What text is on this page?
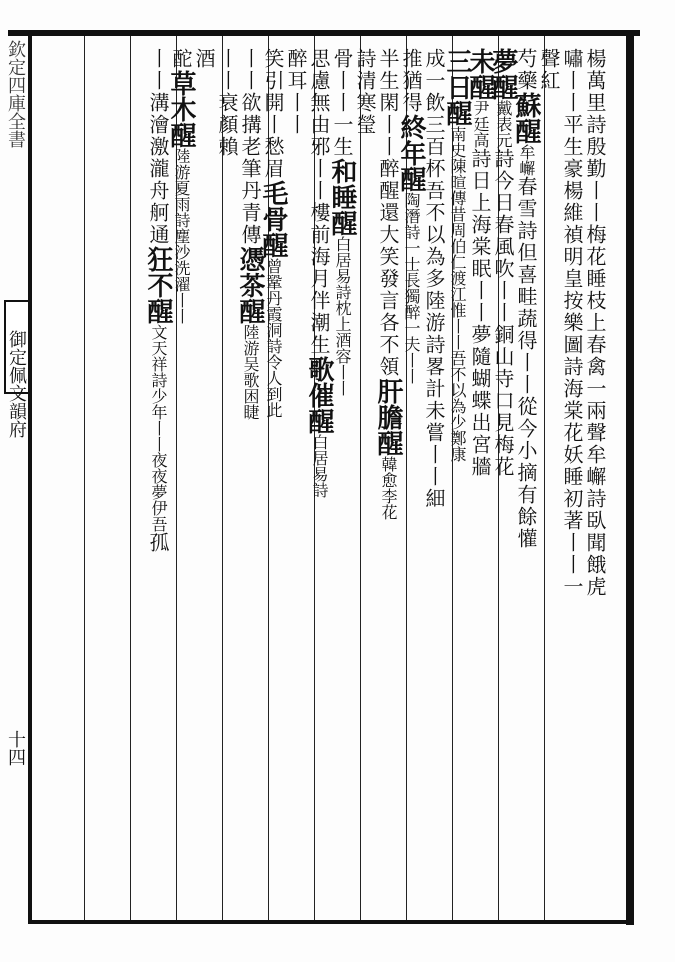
欽定四庫全書
御定佩文韻府
十四
楊萬里詩殷勤丨丨梅花睡枝上春禽一兩聲牟嶰詩臥聞餓虎
嘯丨丨平生豪楊維禎明皇按樂圖詩海棠花妖睡初著丨丨一
聲紅
芍藥蘇醒牟嶰春雪詩但喜畦蔬得丨丨從今小摘有餘懽
夢醒戴表元詩今日春風吹丨丨銅山寺口見梅花
未醒尹廷高詩日上海棠眠丨丨夢隨蝴蝶出宮牆
三日醒南史陳暄傳昔周伯仁渡江惟丨丨吾不以為少鄭康
成一飲三百杯吾不以為多陸游詩畧計未嘗丨丨細
推猶得終年醒陶潛詩一士長獨醉一夫丨丨
半生閑丨丨醉醒還大笑發言各不領肝膽醒韓愈李花
詩清寒瑩
骨丨丨一生和睡醒白居易詩枕上酒容丨丨
思慮無由邪丨丨樓前海月伴潮生歌催醒白居易詩
醉耳丨丨
笑引開丨愁眉毛骨醒曾鞏丹霞洞詩令人到此
丨丨欲搆老筆丹青傳憑茶醒陸游吴歌困睫
丨丨衰顏賴
酒
酡草木醒陸游夏雨詩塵沙洗濯丨丨
丨丨溝澮激瀧舟舸通狂不醒文天祥詩少年丨丨夜夜夢伊吾孤
